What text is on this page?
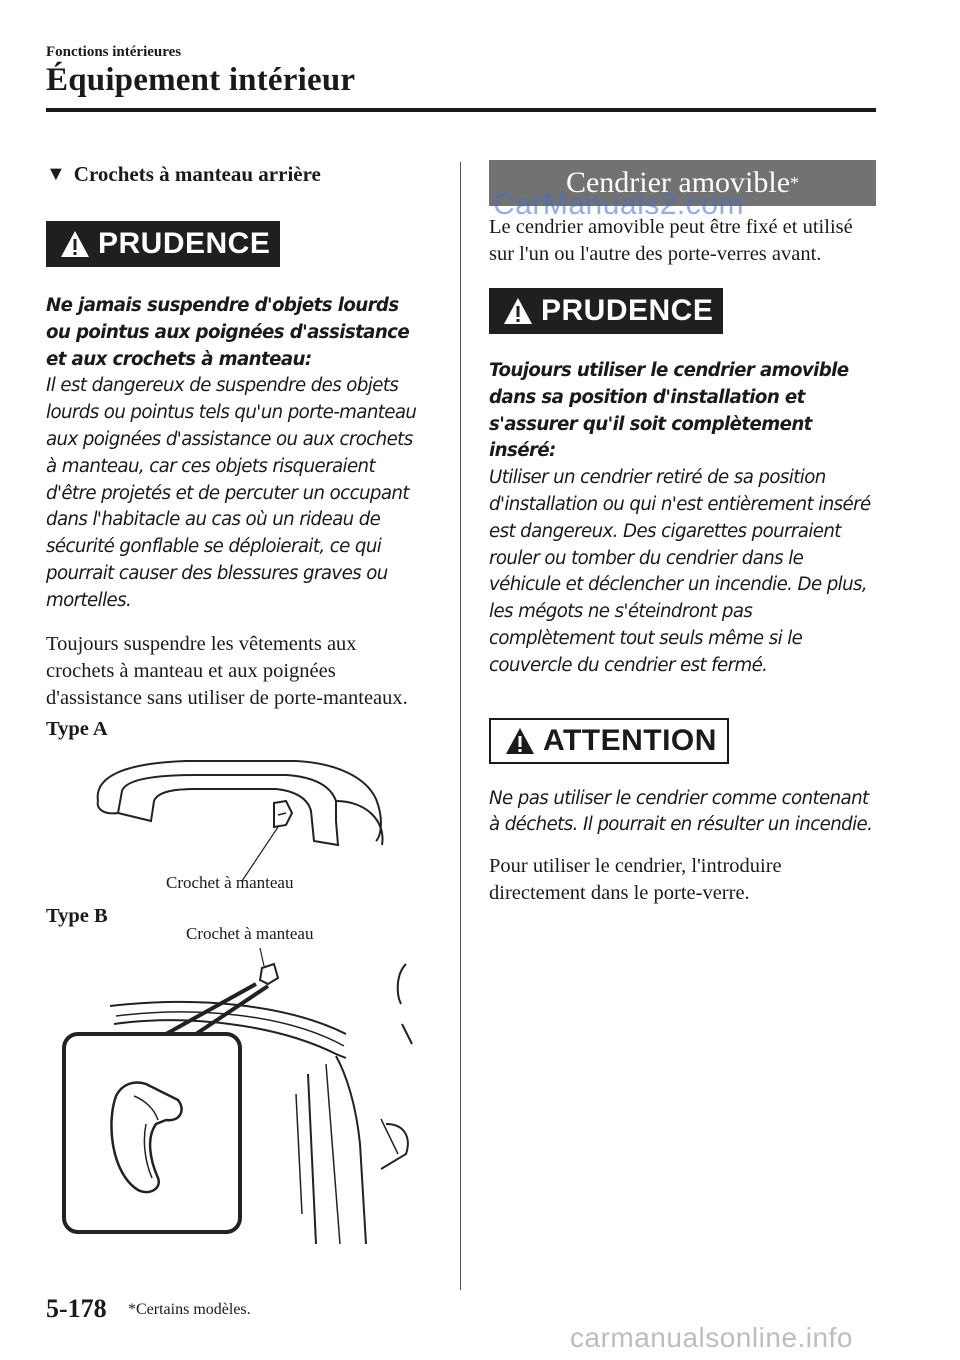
Fonctions intérieures
Équipement intérieur
▼ Crochets à manteau arrière
PRUDENCE
Ne jamais suspendre d'objets lourds ou pointus aux poignées d'assistance et aux crochets à manteau:
Il est dangereux de suspendre des objets lourds ou pointus tels qu'un porte-manteau aux poignées d'assistance ou aux crochets à manteau, car ces objets risqueraient d'être projetés et de percuter un occupant dans l'habitacle au cas où un rideau de sécurité gonflable se déploierait, ce qui pourrait causer des blessures graves ou mortelles.
Toujours suspendre les vêtements aux crochets à manteau et aux poignées d'assistance sans utiliser de porte-manteaux.
Type A
Crochet à manteau
Type B
Crochet à manteau
Cendrier amovible *
Le cendrier amovible peut être fixé et utilisé sur l'un ou l'autre des porte-verres avant.
PRUDENCE
Toujours utiliser le cendrier amovible dans sa position d'installation et s'assurer qu'il soit complètement inséré:
Utiliser un cendrier retiré de sa position d'installation ou qui n'est entièrement inséré est dangereux. Des cigarettes pourraient rouler ou tomber du cendrier dans le véhicule et déclencher un incendie. De plus, les mégots ne s'éteindront pas complètement tout seuls même si le couvercle du cendrier est fermé.
ATTENTION
Ne pas utiliser le cendrier comme contenant à déchets. Il pourrait en résulter un incendie.
Pour utiliser le cendrier, l'introduire directement dans le porte-verre.
CarManuals2.com
5-178 *Certains modèles.
carmanualsonline.info
